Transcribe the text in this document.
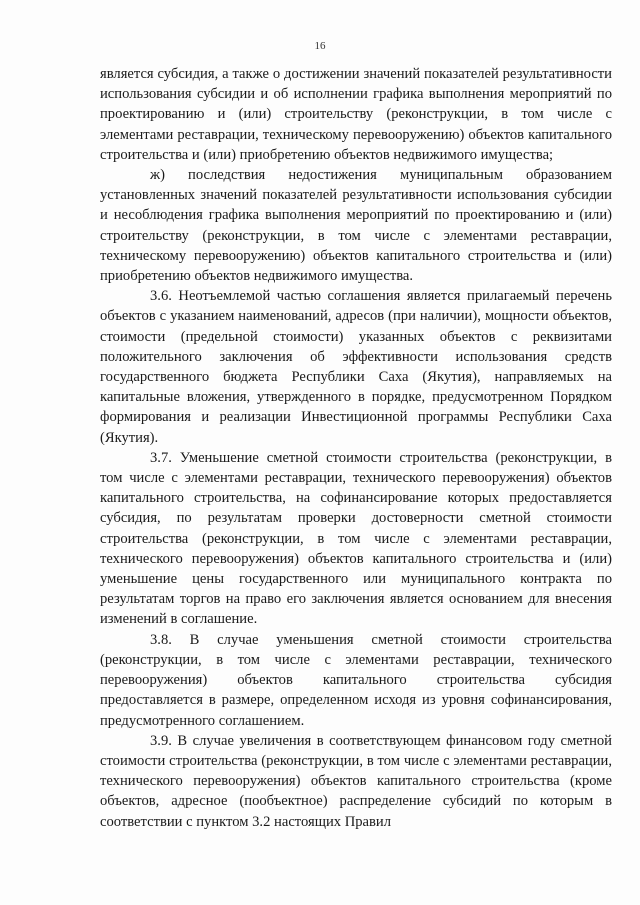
16

является субсидия, а также о достижении значений показателей результативности использования субсидии и об исполнении графика выполнения мероприятий по проектированию и (или) строительству (реконструкции, в том числе с элементами реставрации, техническому перевооружению) объектов капитального строительства и (или) приобретению объектов недвижимого имущества;

ж) последствия недостижения муниципальным образованием установленных значений показателей результативности использования субсидии и несоблюдения графика выполнения мероприятий по проектированию и (или) строительству (реконструкции, в том числе с элементами реставрации, техническому перевооружению) объектов капитального строительства и (или) приобретению объектов недвижимого имущества.

3.6. Неотъемлемой частью соглашения является прилагаемый перечень объектов с указанием наименований, адресов (при наличии), мощности объектов, стоимости (предельной стоимости) указанных объектов с реквизитами положительного заключения об эффективности использования средств государственного бюджета Республики Саха (Якутия), направляемых на капитальные вложения, утвержденного в порядке, предусмотренном Порядком формирования и реализации Инвестиционной программы Республики Саха (Якутия).

3.7. Уменьшение сметной стоимости строительства (реконструкции, в том числе с элементами реставрации, технического перевооружения) объектов капитального строительства, на софинансирование которых предоставляется субсидия, по результатам проверки достоверности сметной стоимости строительства (реконструкции, в том числе с элементами реставрации, технического перевооружения) объектов капитального строительства и (или) уменьшение цены государственного или муниципального контракта по результатам торгов на право его заключения является основанием для внесения изменений в соглашение.

3.8. В случае уменьшения сметной стоимости строительства (реконструкции, в том числе с элементами реставрации, технического перевооружения) объектов капитального строительства субсидия предоставляется в размере, определенном исходя из уровня софинансирования, предусмотренного соглашением.

3.9. В случае увеличения в соответствующем финансовом году сметной стоимости строительства (реконструкции, в том числе с элементами реставрации, технического перевооружения) объектов капитального строительства (кроме объектов, адресное (пообъектное) распределение субсидий по которым в соответствии с пунктом 3.2 настоящих Правил
